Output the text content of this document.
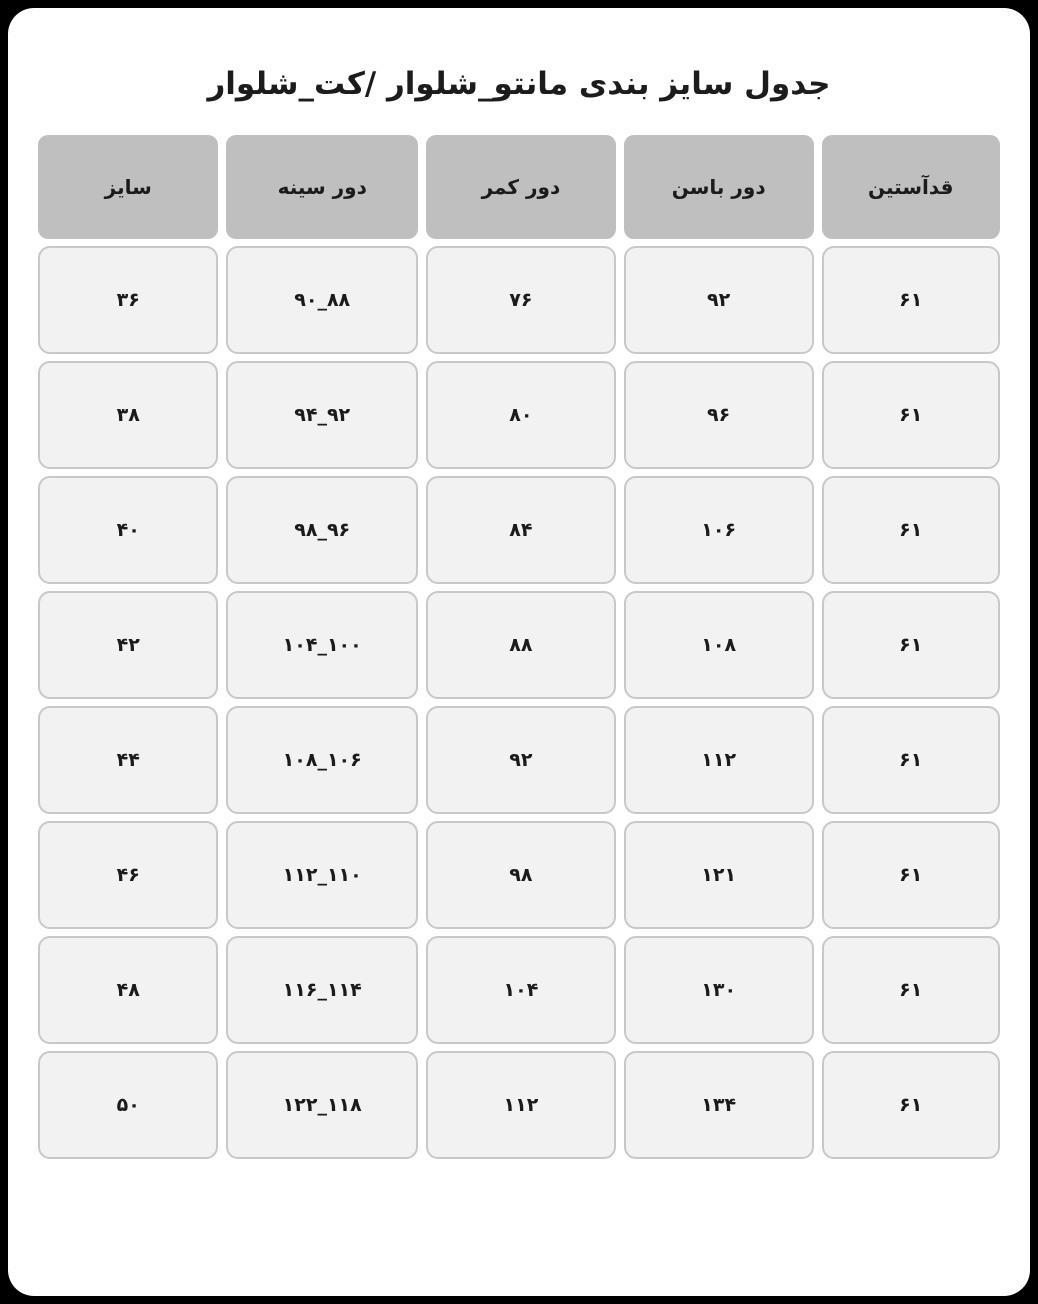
جدول سایز بندی مانتو_شلوار /کت_شلوار
قدآستین	دور باسن	دور کمر	دور سینه	سایز
۶۱	۹۲	۷۶	۸۸_۹۰	۳۶
۶۱	۹۶	۸۰	۹۲_۹۴	۳۸
۶۱	۱۰۶	۸۴	۹۶_۹۸	۴۰
۶۱	۱۰۸	۸۸	۱۰۰_۱۰۴	۴۲
۶۱	۱۱۲	۹۲	۱۰۶_۱۰۸	۴۴
۶۱	۱۲۱	۹۸	۱۱۰_۱۱۲	۴۶
۶۱	۱۳۰	۱۰۴	۱۱۴_۱۱۶	۴۸
۶۱	۱۳۴	۱۱۲	۱۱۸_۱۲۲	۵۰
